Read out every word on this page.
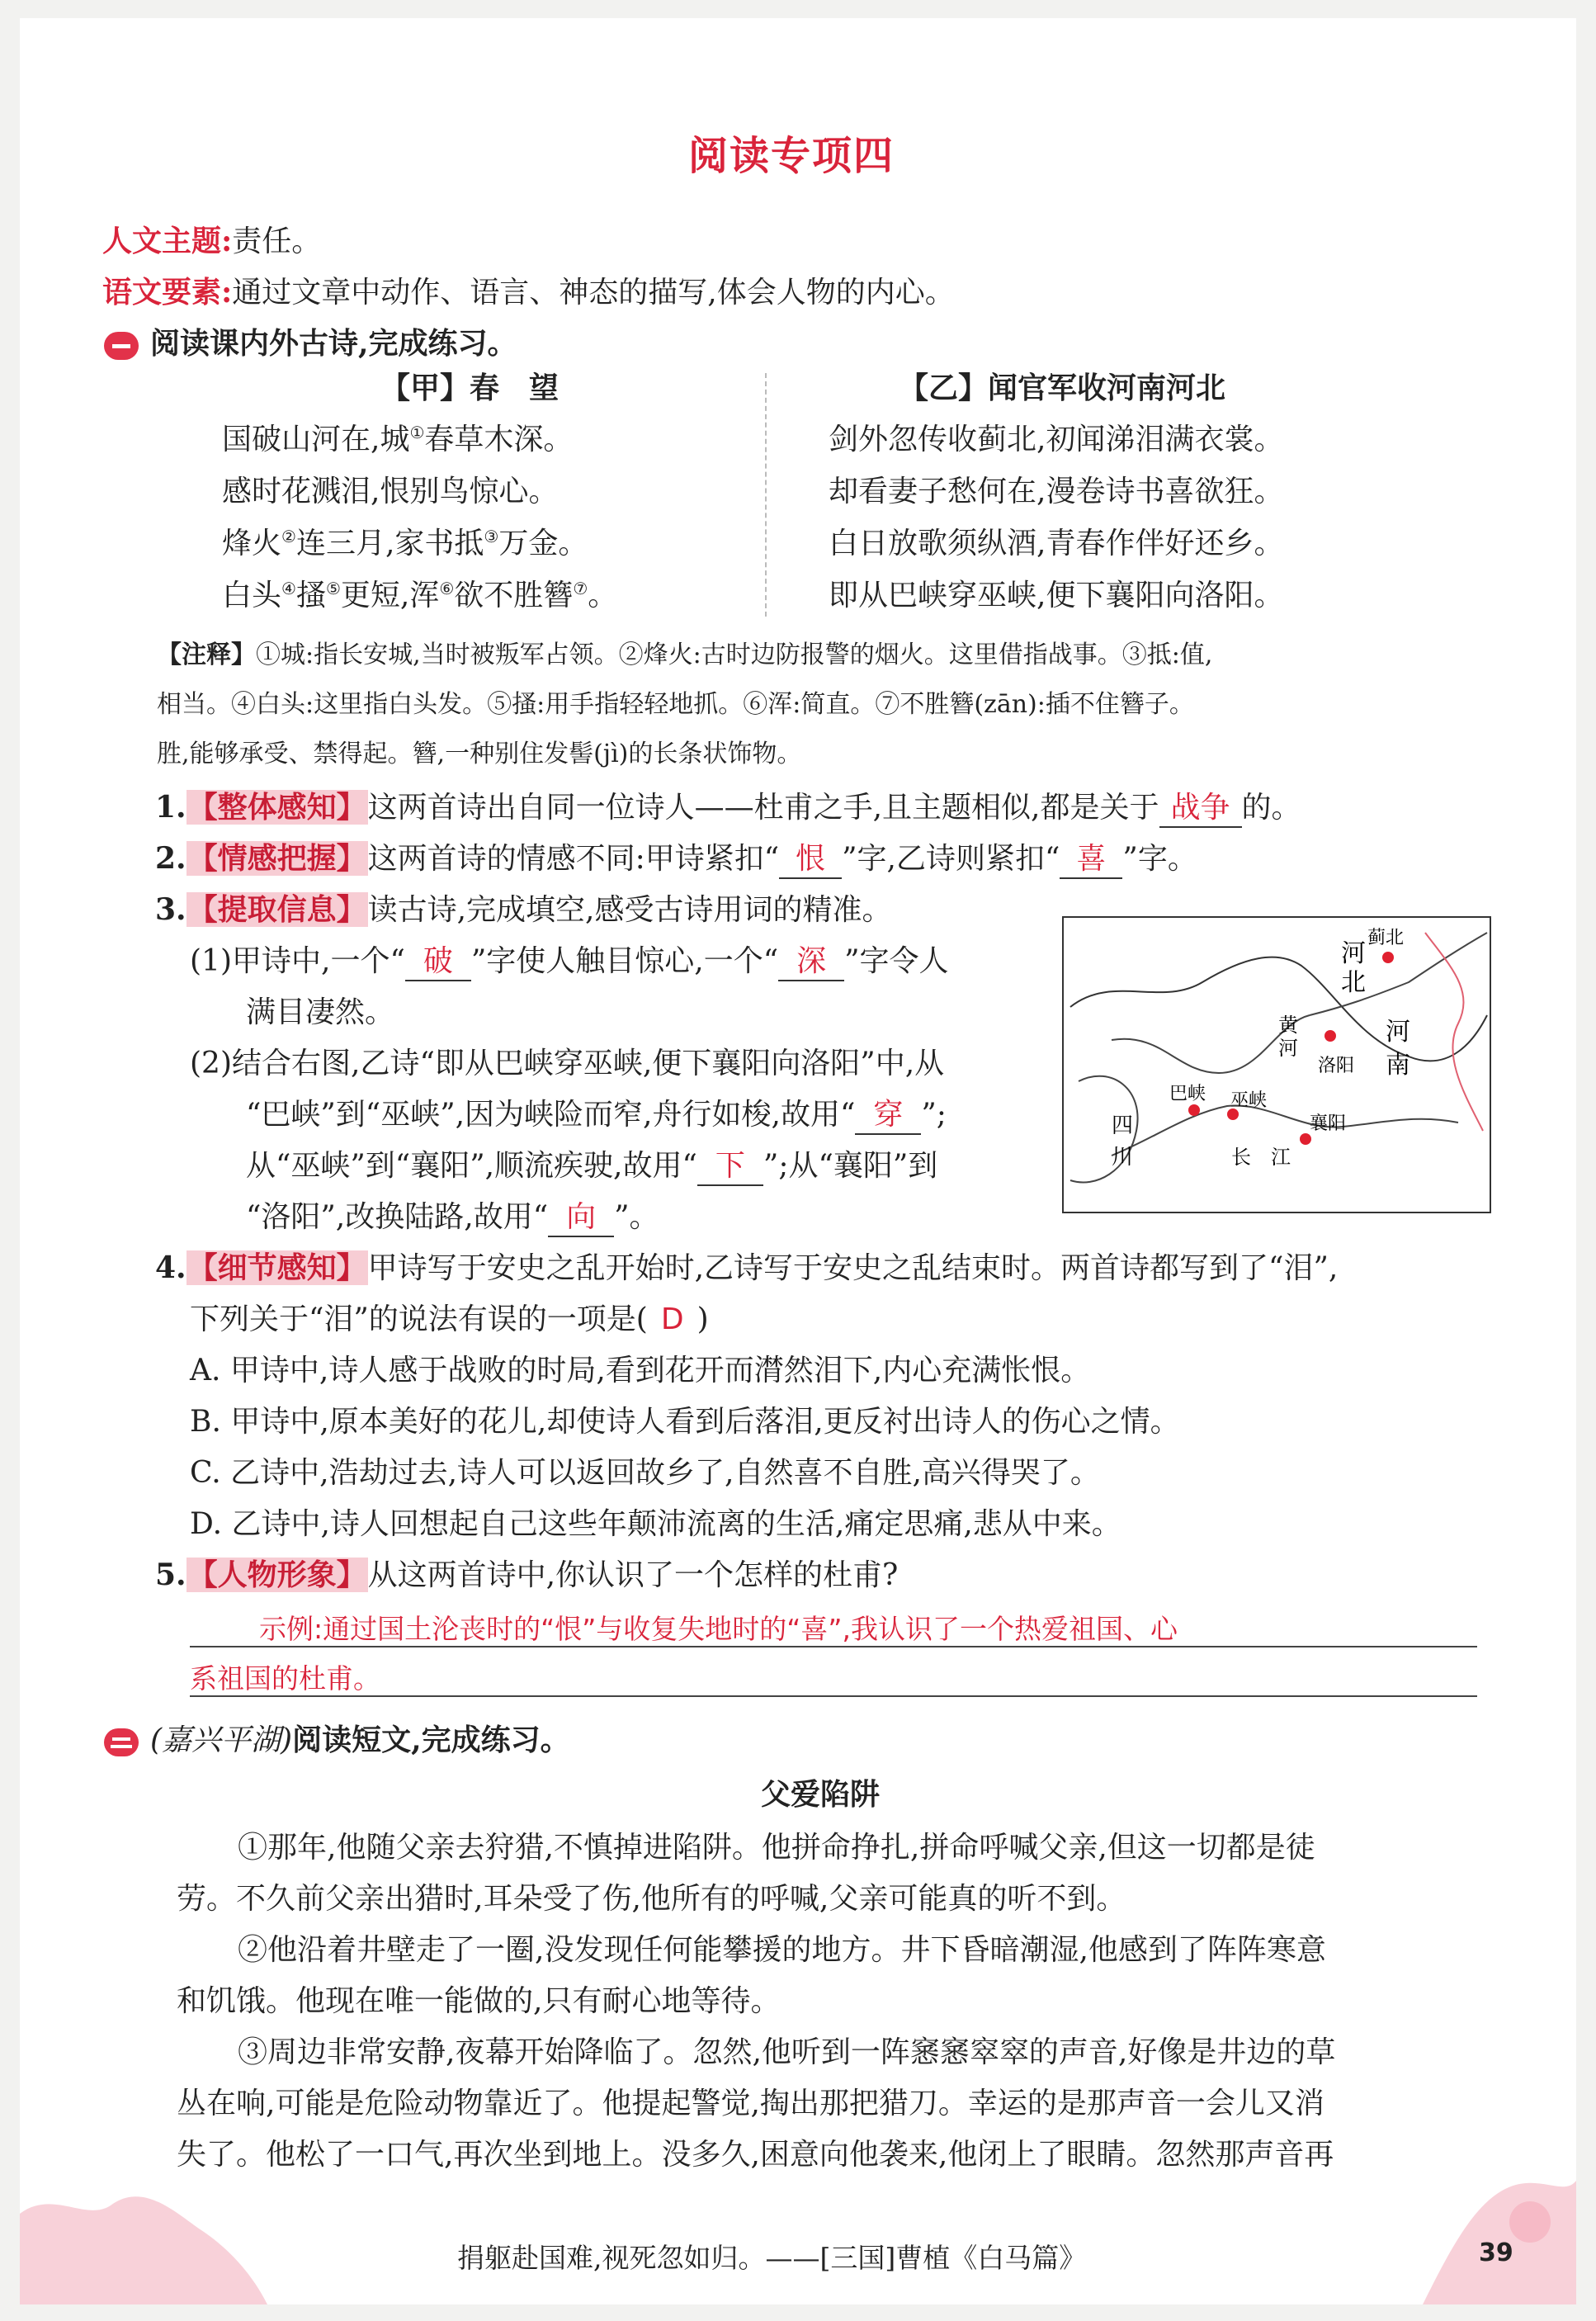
阅读专项四
人文主题:责任。
语文要素:通过文章中动作、语言、神态的描写,体会人物的内心。
阅读课内外古诗,完成练习。
【甲】春　望
国破山河在,城①春草木深。
感时花溅泪,恨别鸟惊心。
烽火②连三月,家书抵③万金。
白头④搔⑤更短,浑⑥欲不胜簪⑦。
【乙】闻官军收河南河北
剑外忽传收蓟北,初闻涕泪满衣裳。
却看妻子愁何在,漫卷诗书喜欲狂。
白日放歌须纵酒,青春作伴好还乡。
即从巴峡穿巫峡,便下襄阳向洛阳。
【注释】①城:指长安城,当时被叛军占领。②烽火:古时边防报警的烟火。这里借指战事。③抵:值,
相当。④白头:这里指白头发。⑤搔:用手指轻轻地抓。⑥浑:简直。⑦不胜簪(zān):插不住簪子。
胜,能够承受、禁得起。簪,一种别住发髻(jì)的长条状饰物。
1.【整体感知】这两首诗出自同一位诗人——杜甫之手,且主题相似,都是关于 战争 的。
2.【情感把握】这两首诗的情感不同:甲诗紧扣“ 恨 ”字,乙诗则紧扣“ 喜 ”字。
3.【提取信息】读古诗,完成填空,感受古诗用词的精准。
(1)甲诗中,一个“ 破 ”字使人触目惊心,一个“ 深 ”字令人
满目凄然。
(2)结合右图,乙诗“即从巴峡穿巫峡,便下襄阳向洛阳”中,从
“巴峡”到“巫峡”,因为峡险而窄,舟行如梭,故用“ 穿 ”;
从“巫峡”到“襄阳”,顺流疾驶,故用“ 下 ”;从“襄阳”到
“洛阳”,改换陆路,故用“ 向 ”。
河
北
蓟北
黄
河
河
南
洛阳
巴峡 巫峡
襄阳
四
川	长　江
4.【细节感知】甲诗写于安史之乱开始时,乙诗写于安史之乱结束时。两首诗都写到了“泪”,
下列关于“泪”的说法有误的一项是( D )
A. 甲诗中,诗人感于战败的时局,看到花开而潸然泪下,内心充满怅恨。
B. 甲诗中,原本美好的花儿,却使诗人看到后落泪,更反衬出诗人的伤心之情。
C. 乙诗中,浩劫过去,诗人可以返回故乡了,自然喜不自胜,高兴得哭了。
D. 乙诗中,诗人回想起自己这些年颠沛流离的生活,痛定思痛,悲从中来。
5.【人物形象】从这两首诗中,你认识了一个怎样的杜甫?
示例:通过国土沦丧时的“恨”与收复失地时的“喜”,我认识了一个热爱祖国、心
系祖国的杜甫。
(嘉兴平湖)阅读短文,完成练习。
父爱陷阱
①那年,他随父亲去狩猎,不慎掉进陷阱。他拼命挣扎,拼命呼喊父亲,但这一切都是徒
劳。不久前父亲出猎时,耳朵受了伤,他所有的呼喊,父亲可能真的听不到。
②他沿着井壁走了一圈,没发现任何能攀援的地方。井下昏暗潮湿,他感到了阵阵寒意
和饥饿。他现在唯一能做的,只有耐心地等待。
③周边非常安静,夜幕开始降临了。忽然,他听到一阵窸窸窣窣的声音,好像是井边的草
丛在响,可能是危险动物靠近了。他提起警觉,掏出那把猎刀。幸运的是那声音一会儿又消
失了。他松了一口气,再次坐到地上。没多久,困意向他袭来,他闭上了眼睛。忽然那声音再
捐躯赴国难,视死忽如归。——[三国]曹植《白马篇》	39
